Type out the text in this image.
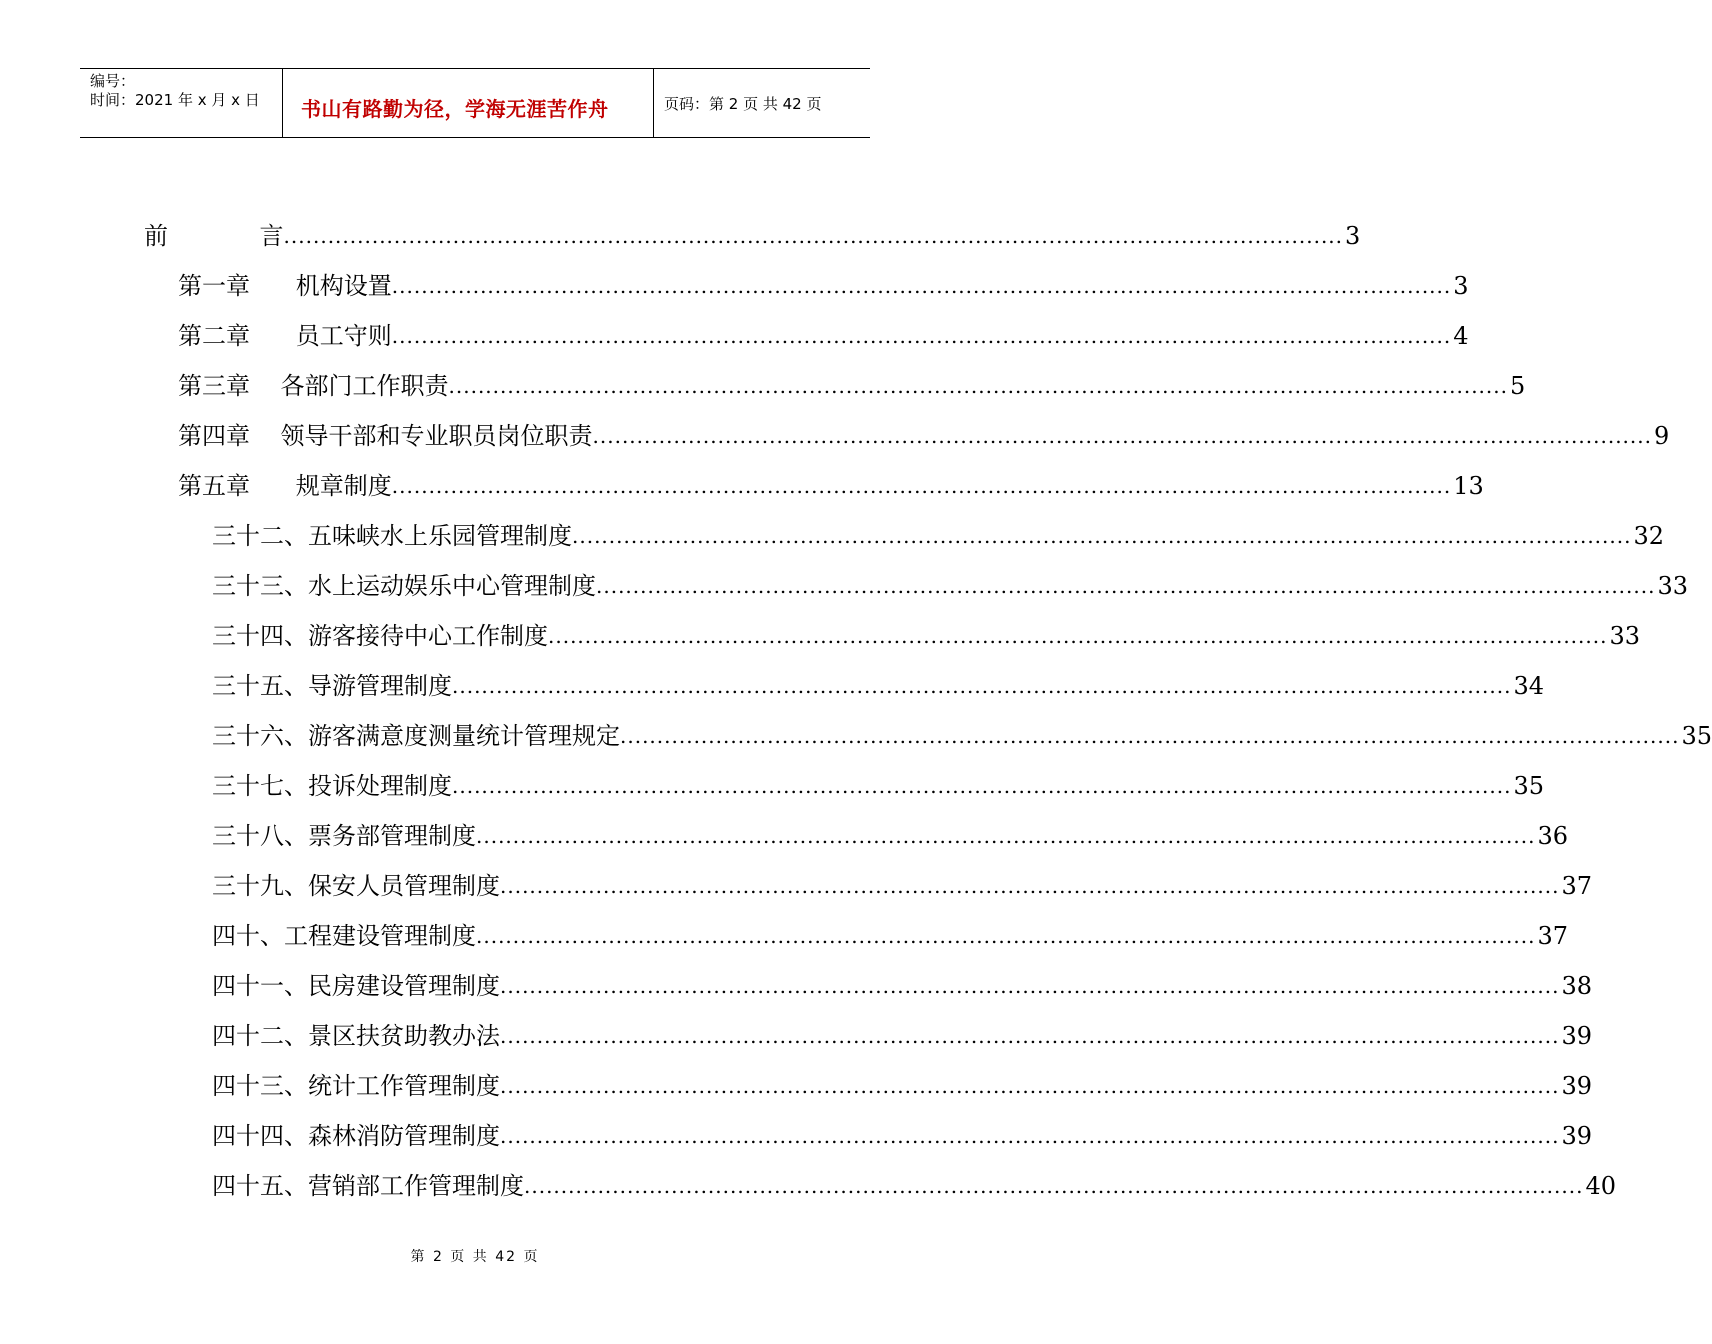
编号：
时间：2021 年 x 月 x 日 书山有路勤为径，学海无涯苦作舟	页码：第 2 页 共 42 页
前            言 ................................................................................................................................................ 3
第一章      机构设置 ................................................................................................................................................ 3
第二章      员工守则 ................................................................................................................................................ 4
第三章    各部门工作职责 ................................................................................................................................................ 5
第四章    领导干部和专业职员岗位职责 ................................................................................................................................................ 9
第五章      规章制度 ................................................................................................................................................ 13
三十二、五味峡水上乐园管理制度 ................................................................................................................................................ 32
三十三、水上运动娱乐中心管理制度 ................................................................................................................................................ 33
三十四、游客接待中心工作制度 ................................................................................................................................................ 33
三十五、导游管理制度 ................................................................................................................................................ 34
三十六、游客满意度测量统计管理规定 ................................................................................................................................................ 35
三十七、投诉处理制度 ................................................................................................................................................ 35
三十八、票务部管理制度 ................................................................................................................................................ 36
三十九、保安人员管理制度 ................................................................................................................................................ 37
四十、工程建设管理制度 ................................................................................................................................................ 37
四十一、民房建设管理制度 ................................................................................................................................................ 38
四十二、景区扶贫助教办法 ................................................................................................................................................ 39
四十三、统计工作管理制度 ................................................................................................................................................ 39
四十四、森林消防管理制度 ................................................................................................................................................ 39
四十五、营销部工作管理制度 ................................................................................................................................................ 40
第 2 页 共 42 页
